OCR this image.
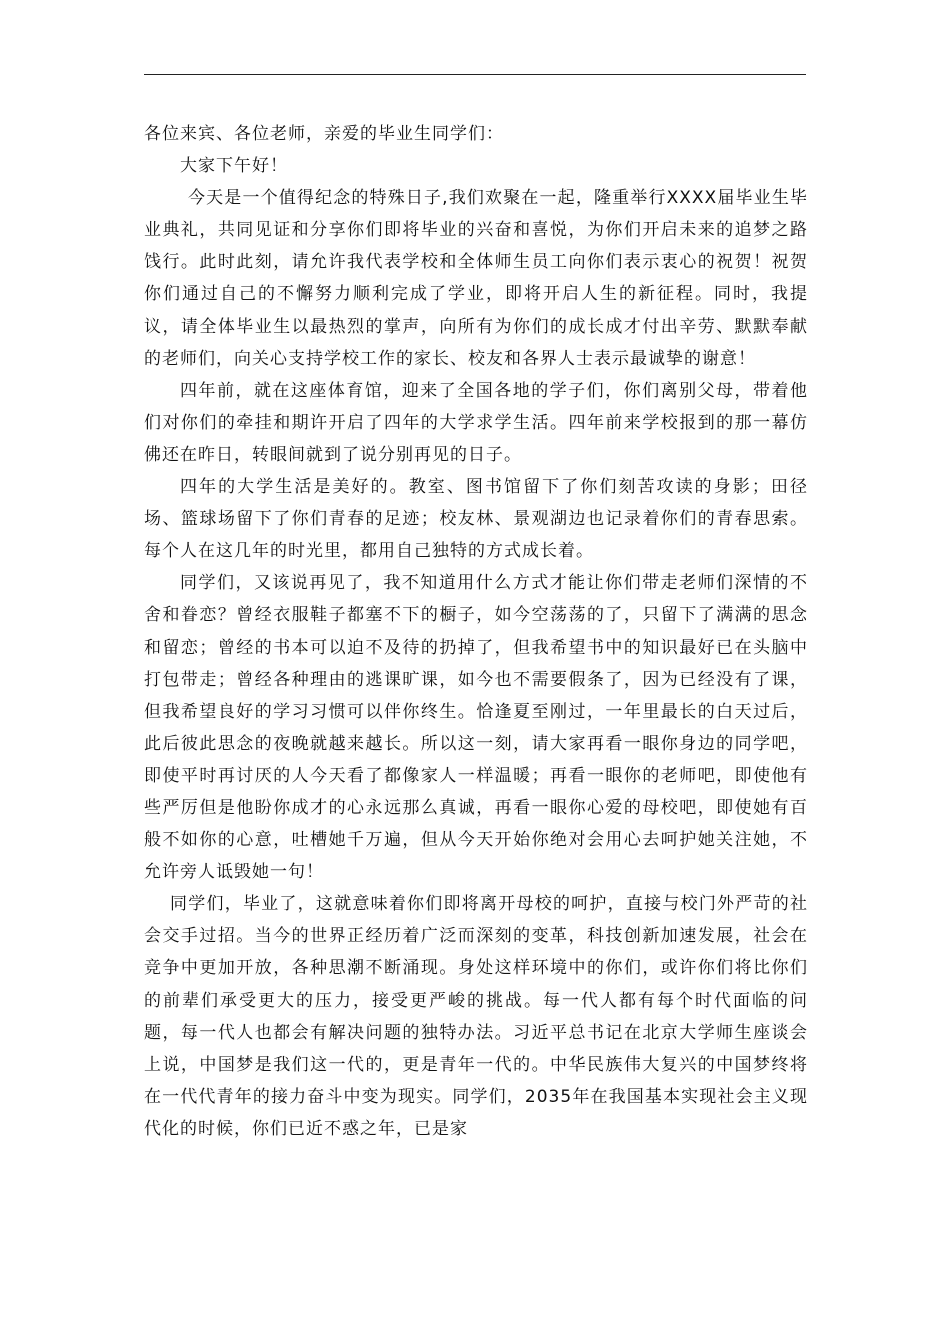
各位来宾、各位老师，亲爱的毕业生同学们：

大家下午好！

今天是一个值得纪念的特殊日子,我们欢聚在一起，隆重举行XXXX届毕业生毕业典礼，共同见证和分享你们即将毕业的兴奋和喜悦，为你们开启未来的追梦之路饯行。此时此刻，请允许我代表学校和全体师生员工向你们表示衷心的祝贺！祝贺你们通过自己的不懈努力顺利完成了学业，即将开启人生的新征程。同时，我提议，请全体毕业生以最热烈的掌声，向所有为你们的成长成才付出辛劳、默默奉献的老师们，向关心支持学校工作的家长、校友和各界人士表示最诚挚的谢意！

四年前，就在这座体育馆，迎来了全国各地的学子们，你们离别父母，带着他们对你们的牵挂和期许开启了四年的大学求学生活。四年前来学校报到的那一幕仿佛还在昨日，转眼间就到了说分别再见的日子。

四年的大学生活是美好的。教室、图书馆留下了你们刻苦攻读的身影；田径场、篮球场留下了你们青春的足迹；校友林、景观湖边也记录着你们的青春思索。每个人在这几年的时光里，都用自己独特的方式成长着。

同学们，又该说再见了，我不知道用什么方式才能让你们带走老师们深情的不舍和眷恋？曾经衣服鞋子都塞不下的橱子，如今空荡荡的了，只留下了满满的思念和留恋；曾经的书本可以迫不及待的扔掉了，但我希望书中的知识最好已在头脑中打包带走；曾经各种理由的逃课旷课，如今也不需要假条了，因为已经没有了课，但我希望良好的学习习惯可以伴你终生。恰逢夏至刚过，一年里最长的白天过后，此后彼此思念的夜晚就越来越长。所以这一刻，请大家再看一眼你身边的同学吧，即使平时再讨厌的人今天看了都像家人一样温暖；再看一眼你的老师吧，即使他有些严厉但是他盼你成才的心永远那么真诚，再看一眼你心爱的母校吧，即使她有百般不如你的心意，吐槽她千万遍，但从今天开始你绝对会用心去呵护她关注她，不允许旁人诋毁她一句！

同学们，毕业了，这就意味着你们即将离开母校的呵护，直接与校门外严苛的社会交手过招。当今的世界正经历着广泛而深刻的变革，科技创新加速发展，社会在竞争中更加开放，各种思潮不断涌现。身处这样环境中的你们，或许你们将比你们的前辈们承受更大的压力，接受更严峻的挑战。每一代人都有每个时代面临的问题，每一代人也都会有解决问题的独特办法。习近平总书记在北京大学师生座谈会上说，中国梦是我们这一代的，更是青年一代的。中华民族伟大复兴的中国梦终将在一代代青年的接力奋斗中变为现实。同学们，2035年在我国基本实现社会主义现代化的时候，你们已近不惑之年，已是家
